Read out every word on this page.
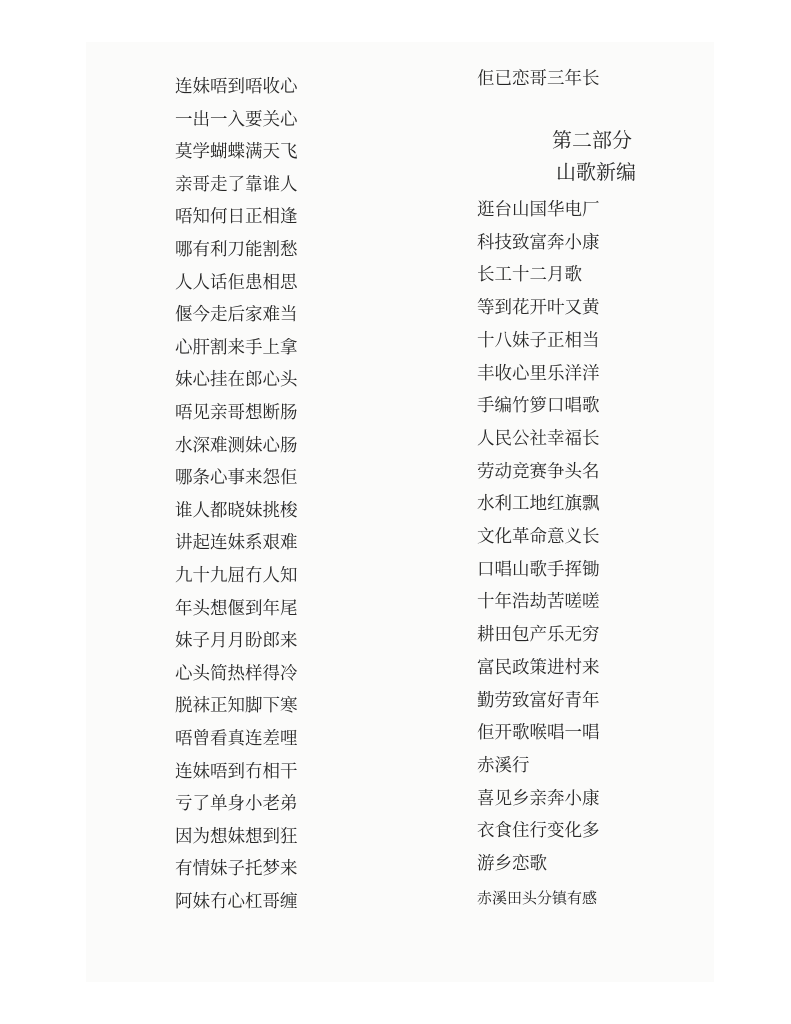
连妹唔到唔收心
一出一入要关心
莫学蝴蝶满天飞
亲哥走了靠谁人
唔知何日正相逢
哪有利刀能割愁
人人话佢患相思
偃今走后家难当
心肝割来手上拿
妹心挂在郎心头
唔见亲哥想断肠
水深难测妹心肠
哪条心事来怨佢
谁人都晓妹挑梭
讲起连妹系艰难
九十九屈冇人知
年头想偃到年尾
妹子月月盼郎来
心头简热样得冷
脱袜正知脚下寒
唔曾看真连差哩
连妹唔到冇相干
亏了单身小老弟
因为想妹想到狂
有情妹子托梦来
阿妹冇心杠哥缠
佢已恋哥三年长
逛台山国华电厂
科技致富奔小康
长工十二月歌
等到花开叶又黄
十八妹子正相当
丰收心里乐洋洋
手编竹箩口唱歌
人民公社幸福长
劳动竞赛争头名
水利工地红旗飘
文化革命意义长
口唱山歌手挥锄
十年浩劫苦嗟嗟
耕田包产乐无穷
富民政策进村来
勤劳致富好青年
佢开歌喉唱一唱
赤溪行
喜见乡亲奔小康
衣食住行变化多
游乡恋歌
赤溪田头分镇有感
第二部分
山歌新编
